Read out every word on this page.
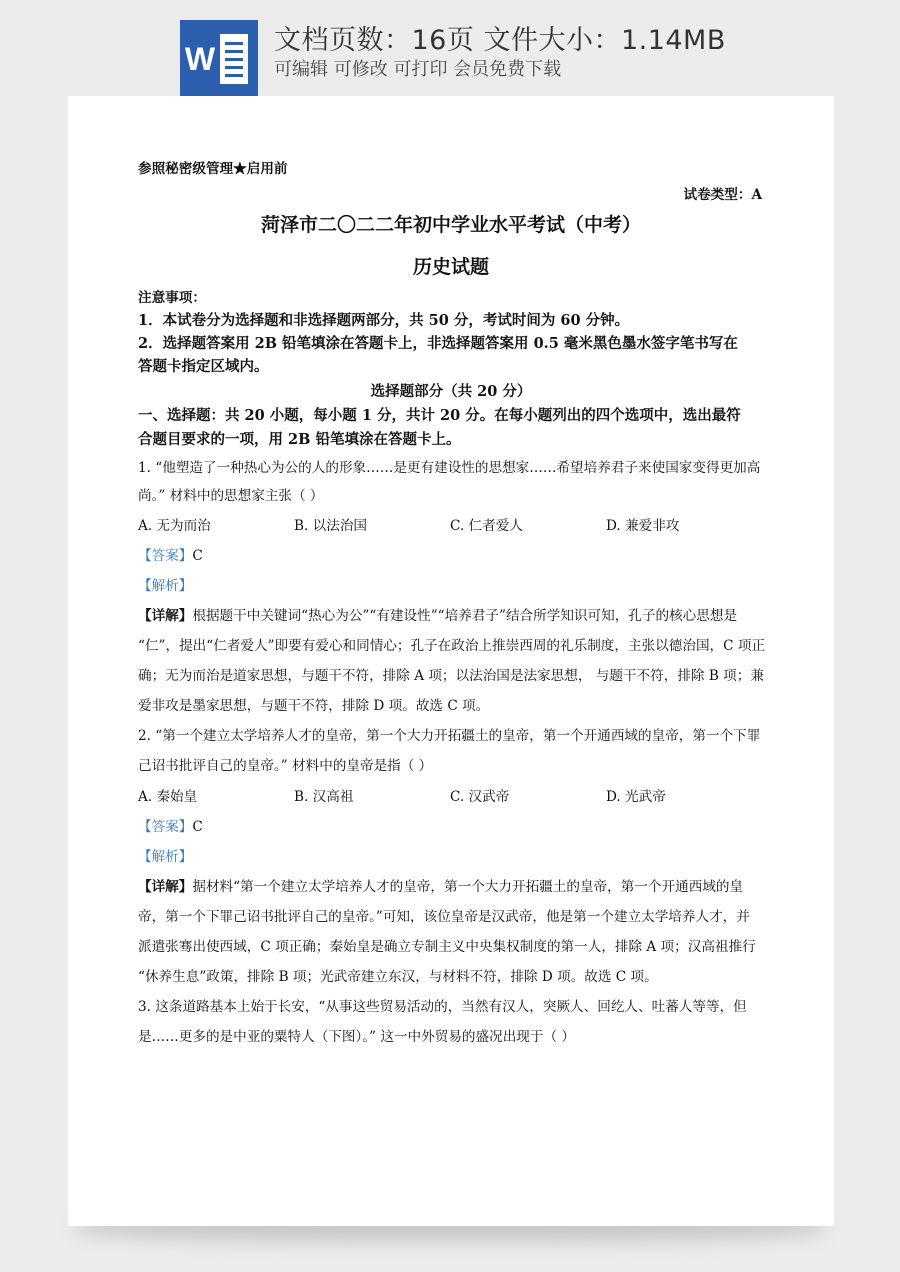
W
文档页数：16页 文件大小：1.14MB
可编辑 可修改 可打印 会员免费下载
参照秘密级管理★启用前
试卷类型：A
菏泽市二〇二二年初中学业水平考试（中考）
历史试题
注意事项：
1．本试卷分为选择题和非选择题两部分，共 50 分，考试时间为 60 分钟。
2．选择题答案用 2B 铅笔填涂在答题卡上，非选择题答案用 0.5 毫米黑色墨水签字笔书写在
答题卡指定区域内。
选择题部分（共 20 分）
一、选择题：共 20 小题，每小题 1 分，共计 20 分。在每小题列出的四个选项中，选出最符
合题目要求的一项，用 2B 铅笔填涂在答题卡上。
1. “他塑造了一种热心为公的人的形象……是更有建设性的思想家……希望培养君子来使国家变得更加高
尚。” 材料中的思想家主张（ ）
A. 无为而治	B. 以法治国	C. 仁者爱人	D. 兼爱非攻
【答案】C
【解析】
【详解】根据题干中关键词“热心为公”“有建设性”“培养君子”结合所学知识可知，孔子的核心思想是
“仁”，提出“仁者爱人”即要有爱心和同情心；孔子在政治上推崇西周的礼乐制度，主张以德治国，C 项正
确；无为而治是道家思想，与题干不符，排除 A 项；以法治国是法家思想， 与题干不符，排除 B 项；兼
爱非攻是墨家思想，与题干不符，排除 D 项。故选 C 项。
2. “第一个建立太学培养人才的皇帝，第一个大力开拓疆土的皇帝，第一个开通西域的皇帝，第一个下罪
己诏书批评自己的皇帝。” 材料中的皇帝是指（ ）
A. 秦始皇	B. 汉高祖	C. 汉武帝	D. 光武帝
【答案】C
【解析】
【详解】据材料“第一个建立太学培养人才的皇帝，第一个大力开拓疆土的皇帝，第一个开通西域的皇
帝，第一个下罪己诏书批评自己的皇帝。”可知，该位皇帝是汉武帝，他是第一个建立太学培养人才，并
派遣张骞出使西域，C 项正确；秦始皇是确立专制主义中央集权制度的第一人，排除 A 项；汉高祖推行
“休养生息”政策，排除 B 项；光武帝建立东汉，与材料不符，排除 D 项。故选 C 项。
3. 这条道路基本上始于长安，“从事这些贸易活动的，当然有汉人，突厥人、回纥人、吐蕃人等等，但
是……更多的是中亚的粟特人（下图）。” 这一中外贸易的盛况出现于（ ）
